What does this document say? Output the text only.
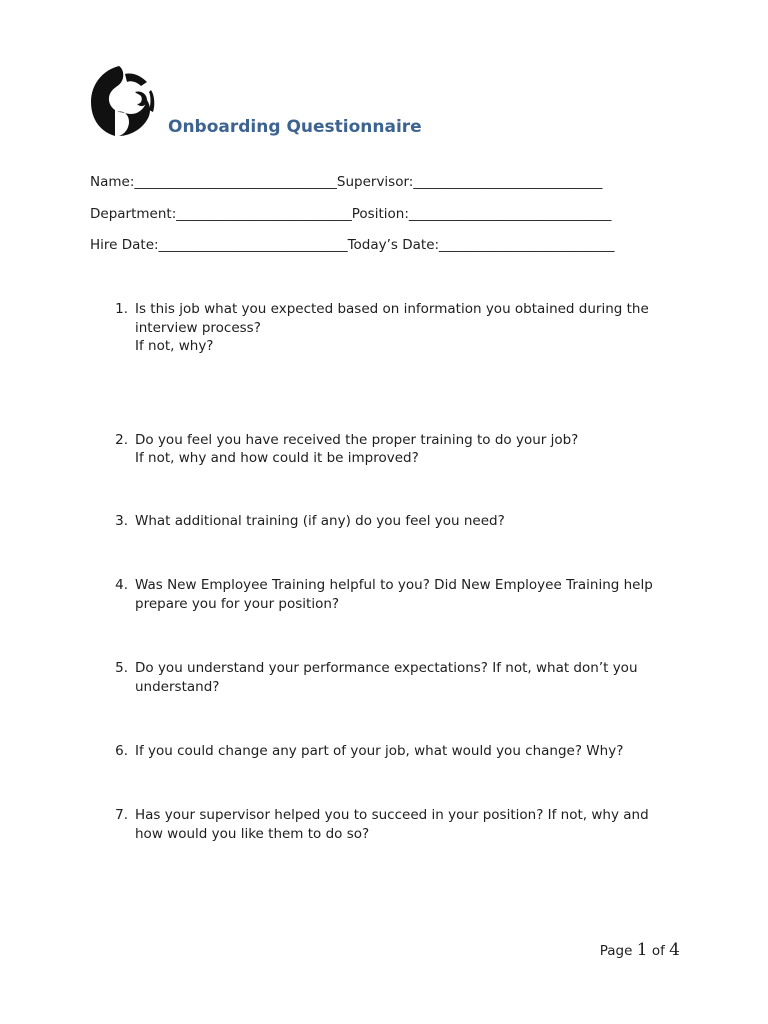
Onboarding Questionnaire
Name:______________________________Supervisor:____________________________
Department:__________________________Position:______________________________
Hire Date:____________________________Today’s Date:__________________________
1. Is this job what you expected based on information you obtained during the
interview process?
If not, why?
2. Do you feel you have received the proper training to do your job?
If not, why and how could it be improved?
3. What additional training (if any) do you feel you need?
4. Was New Employee Training helpful to you? Did New Employee Training help
prepare you for your position?
5. Do you understand your performance expectations? If not, what don’t you
understand?
6. If you could change any part of your job, what would you change? Why?
7. Has your supervisor helped you to succeed in your position? If not, why and
how would you like them to do so?
Page 1 of 4
